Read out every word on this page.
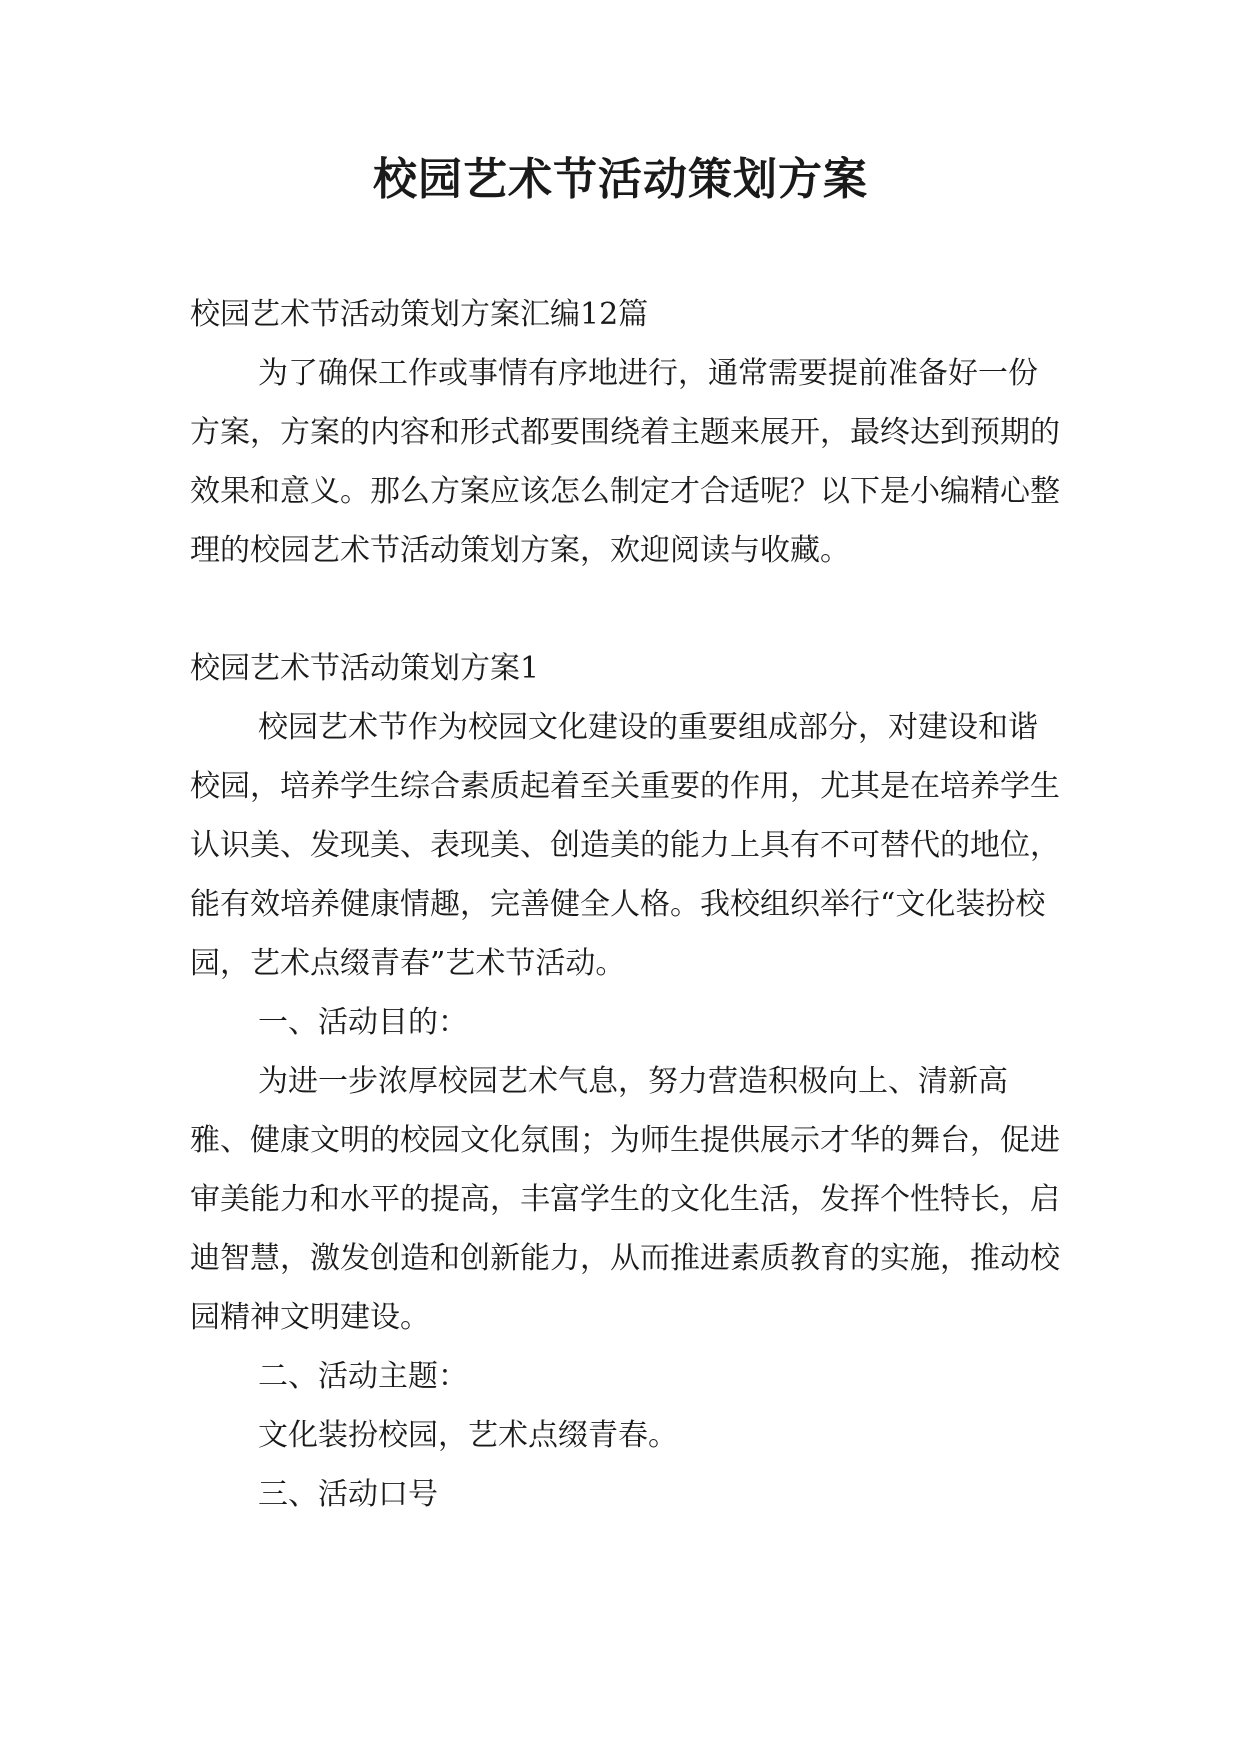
校园艺术节活动策划方案

校园艺术节活动策划方案汇编12篇

为了确保工作或事情有序地进行，通常需要提前准备好一份方案，方案的内容和形式都要围绕着主题来展开，最终达到预期的效果和意义。那么方案应该怎么制定才合适呢？以下是小编精心整理的校园艺术节活动策划方案，欢迎阅读与收藏。

校园艺术节活动策划方案1

校园艺术节作为校园文化建设的重要组成部分，对建设和谐校园，培养学生综合素质起着至关重要的作用，尤其是在培养学生认识美、发现美、表现美、创造美的能力上具有不可替代的地位，能有效培养健康情趣，完善健全人格。我校组织举行“文化装扮校园，艺术点缀青春”艺术节活动。

一、活动目的：

为进一步浓厚校园艺术气息，努力营造积极向上、清新高雅、健康文明的校园文化氛围；为师生提供展示才华的舞台，促进审美能力和水平的提高，丰富学生的文化生活，发挥个性特长，启迪智慧，激发创造和创新能力，从而推进素质教育的实施，推动校园精神文明建设。

二、活动主题：

文化装扮校园，艺术点缀青春。

三、活动口号
